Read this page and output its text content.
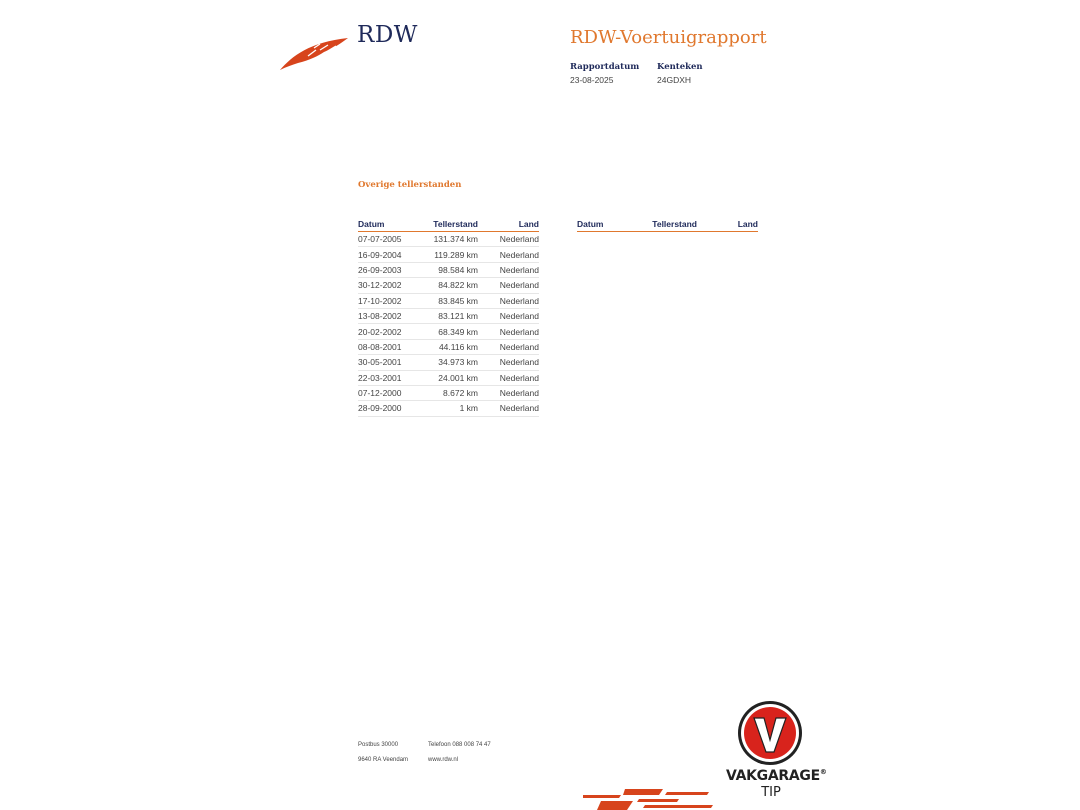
RDW	RDW-Voertuigrapport
Rapportdatum
23-08-2025
Kenteken
24GDXH
Overige tellerstanden
Datum	Tellerstand	Land
07-07-2005	131.374 km	Nederland
16-09-2004	119.289 km	Nederland
26-09-2003	98.584 km	Nederland
30-12-2002	84.822 km	Nederland
17-10-2002	83.845 km	Nederland
13-08-2002	83.121 km	Nederland
20-02-2002	68.349 km	Nederland
08-08-2001	44.116 km	Nederland
30-05-2001	34.973 km	Nederland
22-03-2001	24.001 km	Nederland
07-12-2000	8.672 km	Nederland
28-09-2000	1 km	Nederland
Datum	Tellerstand	Land
Postbus 30000
9640 RA Veendam
Telefoon 088 008 74 47
www.rdw.nl
V
VAKGARAGE®
TIP
